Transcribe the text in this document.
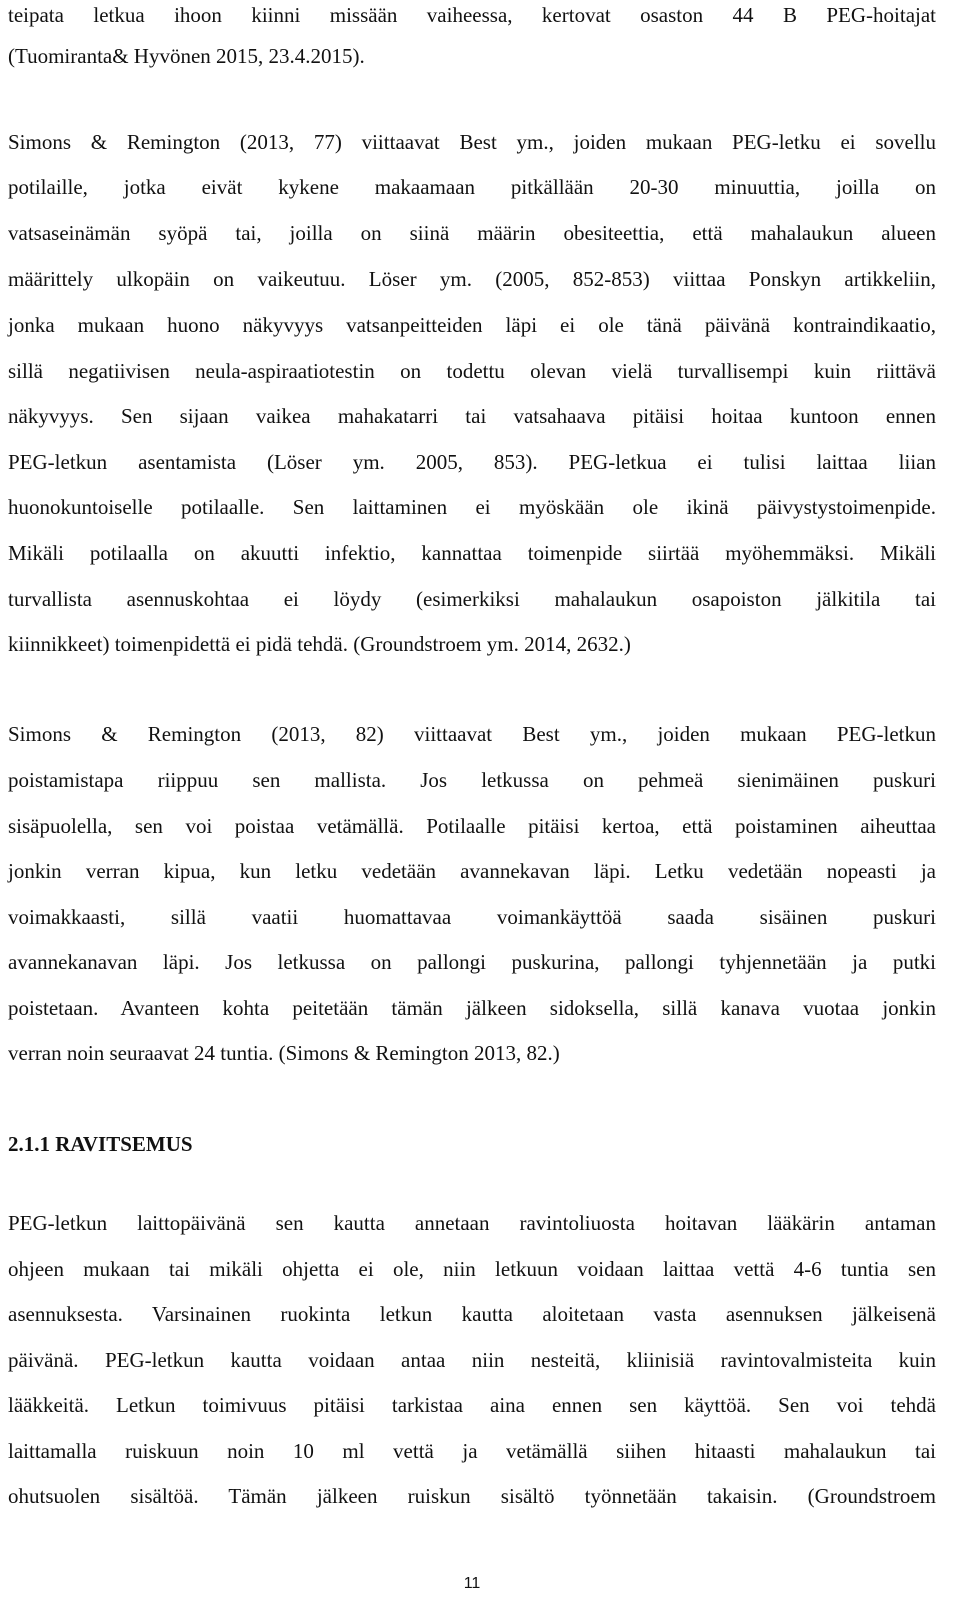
teipata letkua ihoon kiinni missään vaiheessa, kertovat osaston 44 B PEG-hoitajat
(Tuomiranta& Hyvönen 2015, 23.4.2015).
Simons & Remington (2013, 77) viittaavat Best ym., joiden mukaan PEG-letku ei sovellu
potilaille, jotka eivät kykene makaamaan pitkällään 20-30 minuuttia, joilla on
vatsaseinämän syöpä tai, joilla on siinä määrin obesiteettia, että mahalaukun alueen
määrittely ulkopäin on vaikeutuu. Löser ym. (2005, 852-853) viittaa Ponskyn artikkeliin,
jonka mukaan huono näkyvyys vatsanpeitteiden läpi ei ole tänä päivänä kontraindikaatio,
sillä negatiivisen neula-aspiraatiotestin on todettu olevan vielä turvallisempi kuin riittävä
näkyvyys. Sen sijaan vaikea mahakatarri tai vatsahaava pitäisi hoitaa kuntoon ennen
PEG-letkun asentamista (Löser ym. 2005, 853). PEG-letkua ei tulisi laittaa liian
huonokuntoiselle potilaalle. Sen laittaminen ei myöskään ole ikinä päivystystoimenpide.
Mikäli potilaalla on akuutti infektio, kannattaa toimenpide siirtää myöhemmäksi. Mikäli
turvallista asennuskohtaa ei löydy (esimerkiksi mahalaukun osapoiston jälkitila tai
kiinnikkeet) toimenpidettä ei pidä tehdä. (Groundstroem ym. 2014, 2632.)
Simons & Remington (2013, 82) viittaavat Best ym., joiden mukaan PEG-letkun
poistamistapa riippuu sen mallista. Jos letkussa on pehmeä sienimäinen puskuri
sisäpuolella, sen voi poistaa vetämällä. Potilaalle pitäisi kertoa, että poistaminen aiheuttaa
jonkin verran kipua, kun letku vedetään avannekavan läpi. Letku vedetään nopeasti ja
voimakkaasti, sillä vaatii huomattavaa voimankäyttöä saada sisäinen puskuri
avannekanavan läpi. Jos letkussa on pallongi puskurina, pallongi tyhjennetään ja putki
poistetaan. Avanteen kohta peitetään tämän jälkeen sidoksella, sillä kanava vuotaa jonkin
verran noin seuraavat 24 tuntia. (Simons & Remington 2013, 82.)
2.1.1 RAVITSEMUS
PEG-letkun laittopäivänä sen kautta annetaan ravintoliuosta hoitavan lääkärin antaman
ohjeen mukaan tai mikäli ohjetta ei ole, niin letkuun voidaan laittaa vettä 4-6 tuntia sen
asennuksesta. Varsinainen ruokinta letkun kautta aloitetaan vasta asennuksen jälkeisenä
päivänä. PEG-letkun kautta voidaan antaa niin nesteitä, kliinisiä ravintovalmisteita kuin
lääkkeitä. Letkun toimivuus pitäisi tarkistaa aina ennen sen käyttöä. Sen voi tehdä
laittamalla ruiskuun noin 10 ml vettä ja vetämällä siihen hitaasti mahalaukun tai
ohutsuolen sisältöä. Tämän jälkeen ruiskun sisältö työnnetään takaisin. (Groundstroem
11
